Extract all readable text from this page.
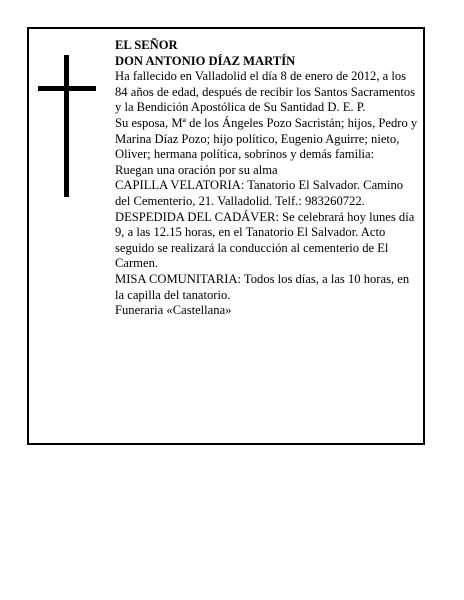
EL SEÑOR

DON ANTONIO DÍAZ MARTÍN

Ha fallecido en Valladolid el día 8 de enero de 2012, a los 84 años de edad, después de recibir los Santos Sacramentos y la Bendición Apostólica de Su Santidad D. E. P.

Su esposa, Mª de los Ángeles Pozo Sacristán; hijos, Pedro y Marina Díaz Pozo; hijo político, Eugenio Aguirre; nieto, Oliver; hermana política, sobrinos y demás familia:

Ruegan una oración por su alma

CAPILLA VELATORIA: Tanatorio El Salvador. Camino del Cementerio, 21. Valladolid. Telf.: 983260722.

DESPEDIDA DEL CADÁVER: Se celebrará hoy lunes día 9, a las 12.15 horas, en el Tanatorio El Salvador. Acto seguido se realizará la conducción al cementerio de El Carmen.

MISA COMUNITARIA: Todos los días, a las 10 horas, en la capilla del tanatorio.

Funeraria «Castellana»
